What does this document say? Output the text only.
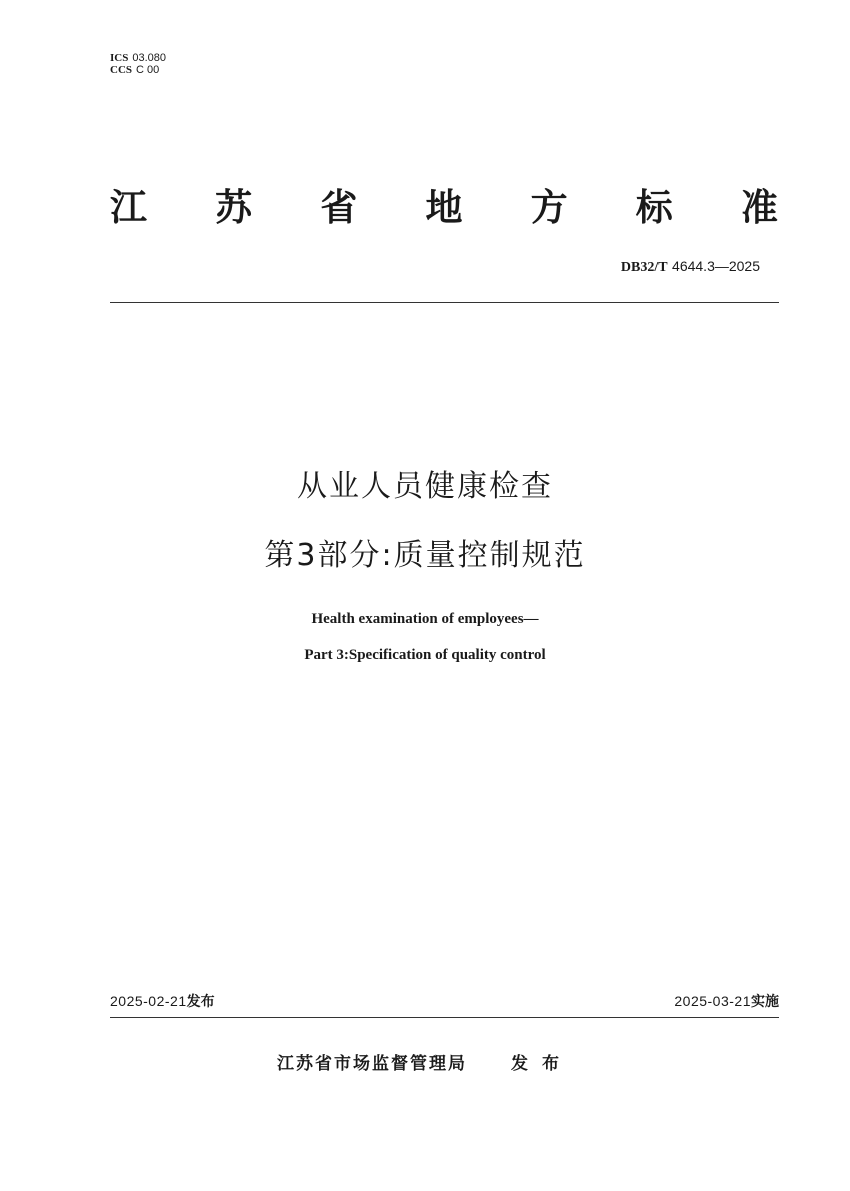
ICS 03.080
CCS C 00
江 苏 省 地 方 标 准
DB32/T 4644.3—2025
从业人员健康检查
第3部分:质量控制规范
Health examination of employees—
Part 3:Specification of quality control
2025-02-21发布	2025-03-21实施
江苏省市场监督管理局	发布
